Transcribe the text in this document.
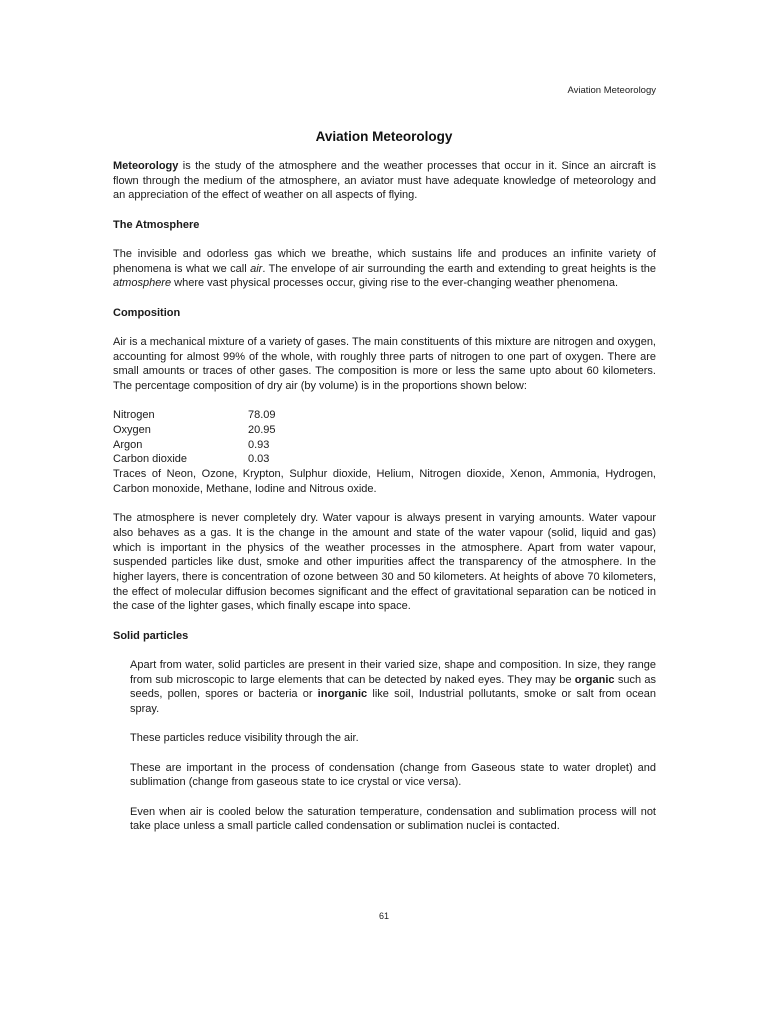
Aviation Meteorology
Aviation Meteorology

Meteorology is the study of the atmosphere and the weather processes that occur in it. Since an aircraft is flown through the medium of the atmosphere, an aviator must have adequate knowledge of meteorology and an appreciation of the effect of weather on all aspects of flying.

The Atmosphere

The invisible and odorless gas which we breathe, which sustains life and produces an infinite variety of phenomena is what we call air. The envelope of air surrounding the earth and extending to great heights is the atmosphere where vast physical processes occur, giving rise to the ever-changing weather phenomena.

Composition

Air is a mechanical mixture of a variety of gases. The main constituents of this mixture are nitrogen and oxygen, accounting for almost 99% of the whole, with roughly three parts of nitrogen to one part of oxygen. There are small amounts or traces of other gases. The composition is more or less the same upto about 60 kilometers. The percentage composition of dry air (by volume) is in the proportions shown below:

Nitrogen	78.09
Oxygen	20.95
Argon	0.93
Carbon dioxide	0.03

Traces of Neon, Ozone, Krypton, Sulphur dioxide, Helium, Nitrogen dioxide, Xenon, Ammonia, Hydrogen, Carbon monoxide, Methane, Iodine and Nitrous oxide.

The atmosphere is never completely dry. Water vapour is always present in varying amounts. Water vapour also behaves as a gas. It is the change in the amount and state of the water vapour (solid, liquid and gas) which is important in the physics of the weather processes in the atmosphere. Apart from water vapour, suspended particles like dust, smoke and other impurities affect the transparency of the atmosphere. In the higher layers, there is concentration of ozone between 30 and 50 kilometers. At heights of above 70 kilometers, the effect of molecular diffusion becomes significant and the effect of gravitational separation can be noticed in the case of the lighter gases, which finally escape into space.

Solid particles

Apart from water, solid particles are present in their varied size, shape and composition. In size, they range from sub microscopic to large elements that can be detected by naked eyes. They may be organic such as seeds, pollen, spores or bacteria or inorganic like soil, Industrial pollutants, smoke or salt from ocean spray.

These particles reduce visibility through the air.

These are important in the process of condensation (change from Gaseous state to water droplet) and sublimation (change from gaseous state to ice crystal or vice versa).

Even when air is cooled below the saturation temperature, condensation and sublimation process will not take place unless a small particle called condensation or sublimation nuclei is contacted.

61
